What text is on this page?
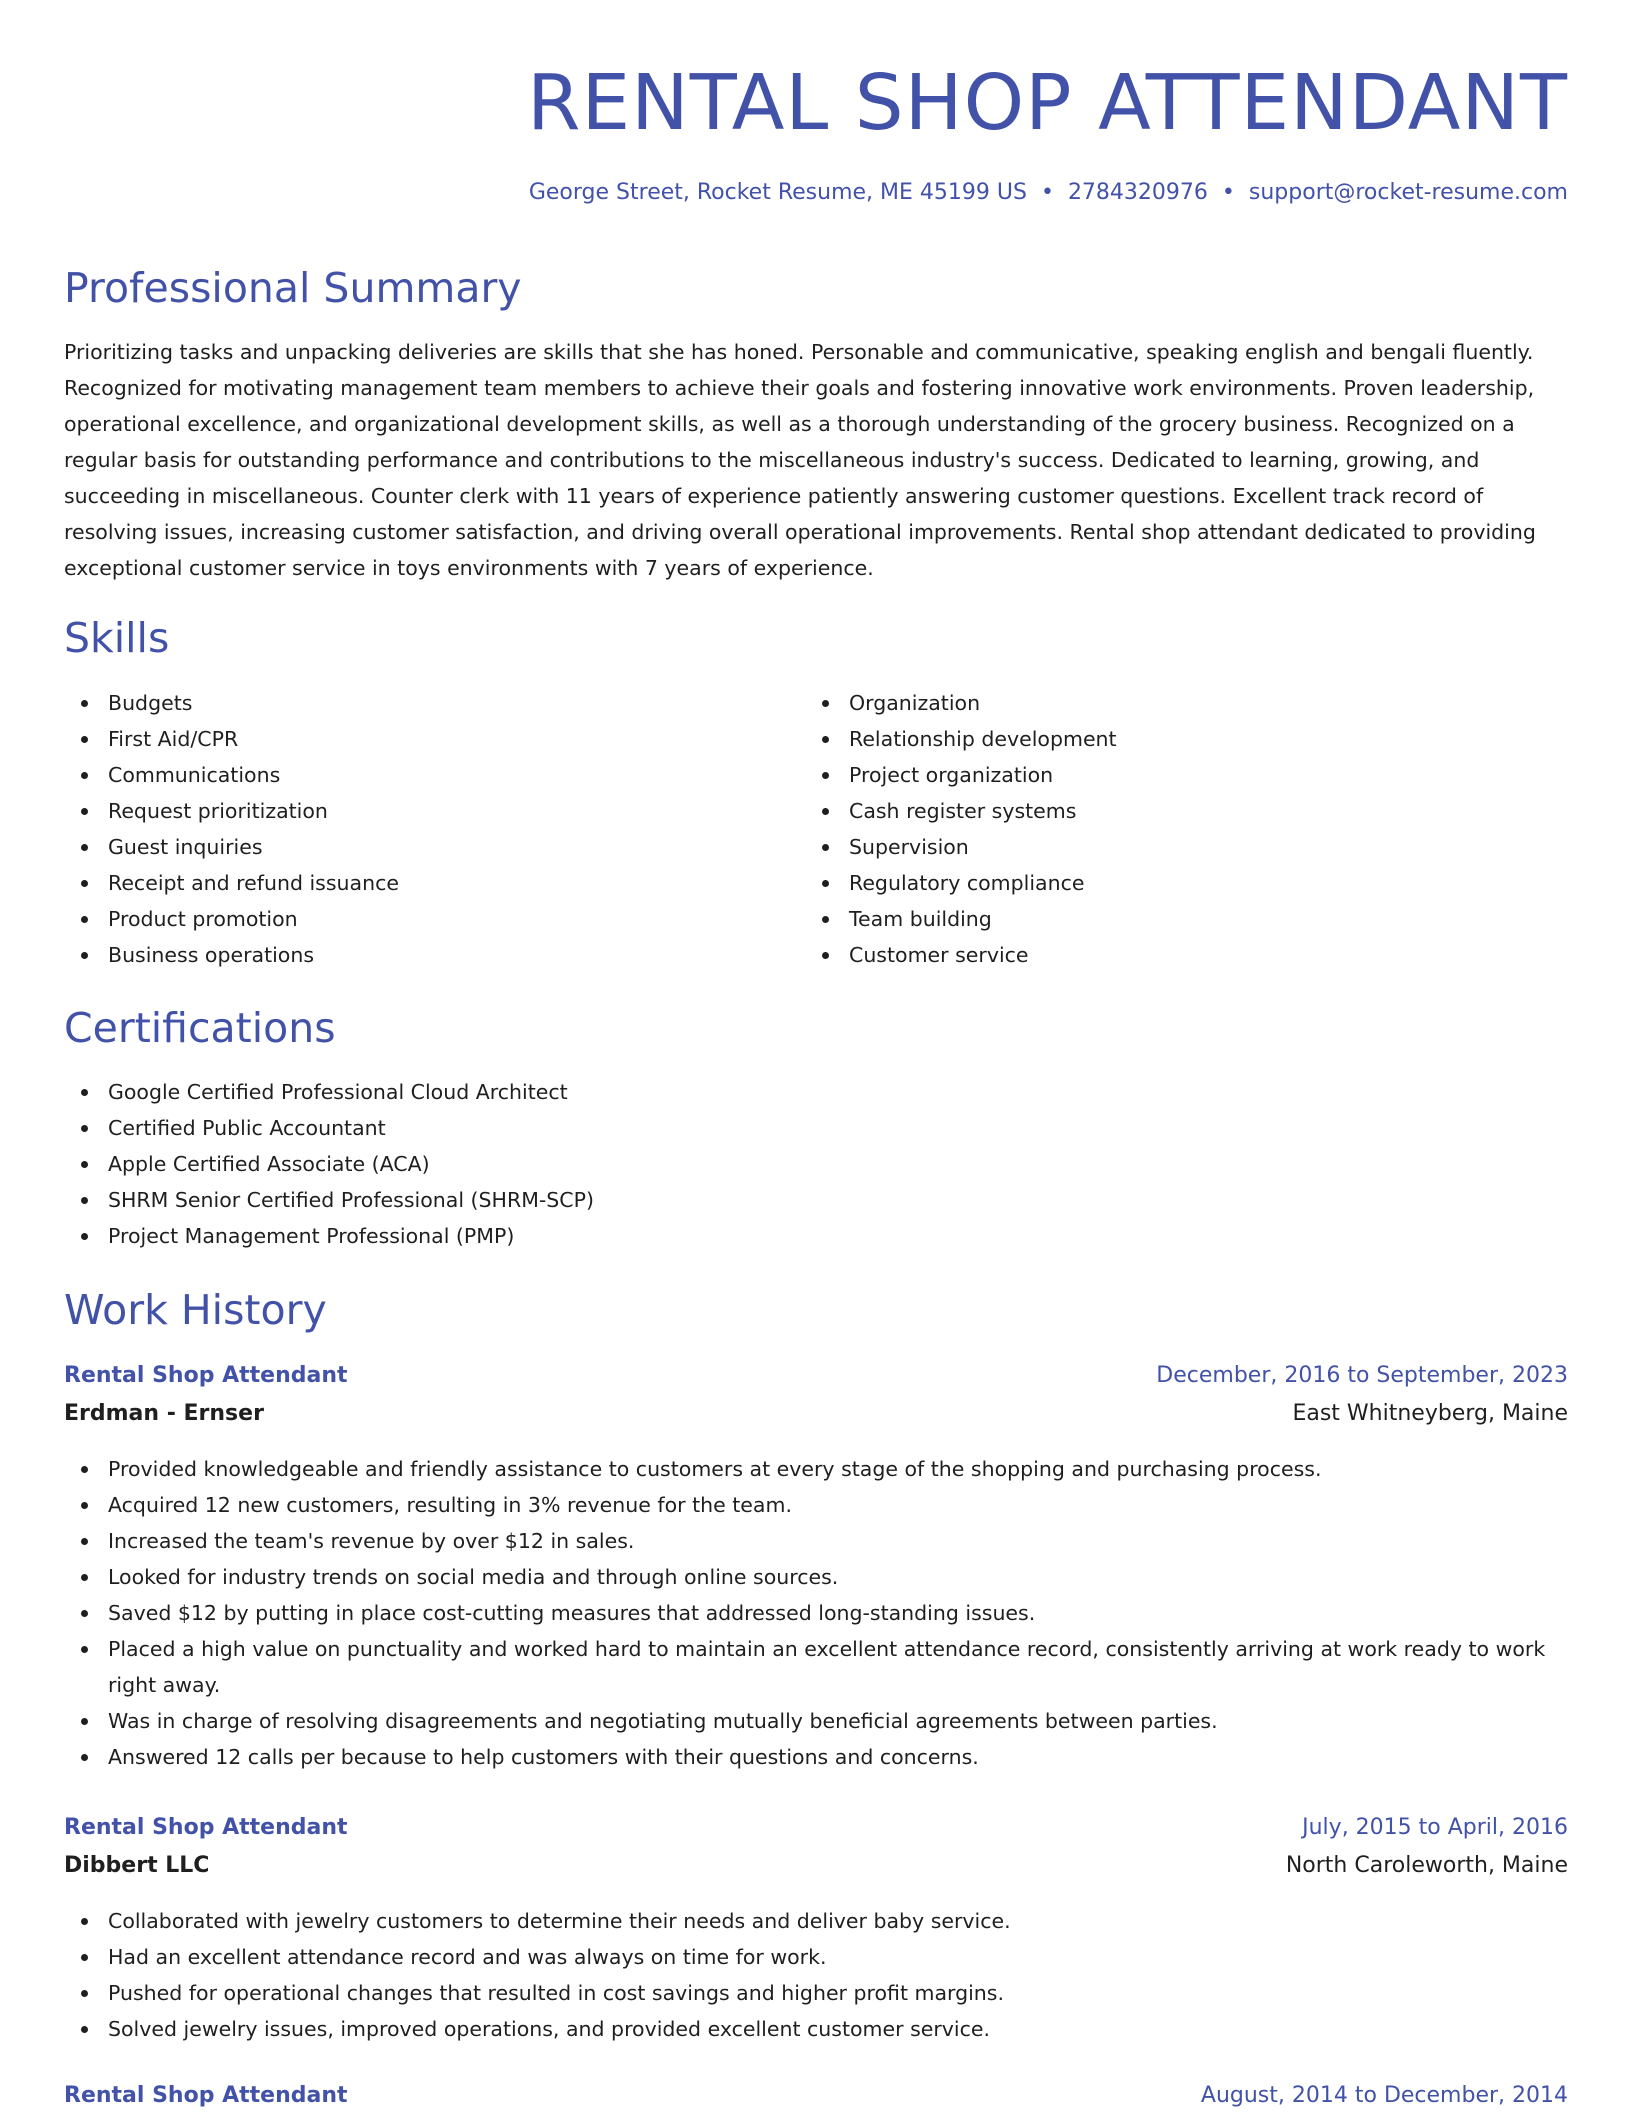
RENTAL SHOP ATTENDANT
George Street, Rocket Resume, ME 45199 US • 2784320976 • support@rocket-resume.com
Professional Summary

Prioritizing tasks and unpacking deliveries are skills that she has honed. Personable and communicative, speaking english and bengali fluently. Recognized for motivating management team members to achieve their goals and fostering innovative work environments. Proven leadership, operational excellence, and organizational development skills, as well as a thorough understanding of the grocery business. Recognized on a regular basis for outstanding performance and contributions to the miscellaneous industry's success. Dedicated to learning, growing, and succeeding in miscellaneous. Counter clerk with 11 years of experience patiently answering customer questions. Excellent track record of resolving issues, increasing customer satisfaction, and driving overall operational improvements. Rental shop attendant dedicated to providing exceptional customer service in toys environments with 7 years of experience.

Skills
Budgets
First Aid/CPR
Communications
Request prioritization
Guest inquiries
Receipt and refund issuance
Product promotion
Business operations
Organization
Relationship development
Project organization
Cash register systems
Supervision
Regulatory compliance
Team building
Customer service
Certifications
Google Certified Professional Cloud Architect
Certified Public Accountant
Apple Certified Associate (ACA)
SHRM Senior Certified Professional (SHRM-SCP)
Project Management Professional (PMP)
Work History
Rental Shop Attendant	December, 2016 to September, 2023
Erdman - Ernser	East Whitneyberg, Maine
Provided knowledgeable and friendly assistance to customers at every stage of the shopping and purchasing process.
Acquired 12 new customers, resulting in 3% revenue for the team.
Increased the team's revenue by over $12 in sales.
Looked for industry trends on social media and through online sources.
Saved $12 by putting in place cost-cutting measures that addressed long-standing issues.
Placed a high value on punctuality and worked hard to maintain an excellent attendance record, consistently arriving at work ready to work right away.
Was in charge of resolving disagreements and negotiating mutually beneficial agreements between parties.
Answered 12 calls per because to help customers with their questions and concerns.
Rental Shop Attendant	July, 2015 to April, 2016
Dibbert LLC	North Caroleworth, Maine
Collaborated with jewelry customers to determine their needs and deliver baby service.
Had an excellent attendance record and was always on time for work.
Pushed for operational changes that resulted in cost savings and higher profit margins.
Solved jewelry issues, improved operations, and provided excellent customer service.
Rental Shop Attendant	August, 2014 to December, 2014
